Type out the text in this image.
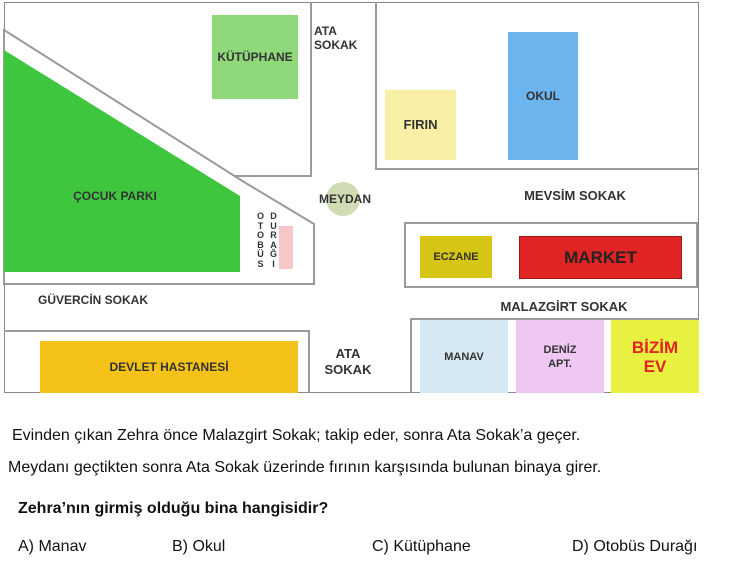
KÜTÜPHANE
ÇOCUK PARKI
FIRIN
OKUL
O
T
O
B
Ü
S
D
U
R
A
Ğ
I
ECZANE	MARKET
MANAV
DENİZ
APT.
BİZİM
EV
DEVLET HASTANESİ
MEYDAN
ATA
SOKAK
ATA
SOKAK
MEVSİM SOKAK
GÜVERCİN SOKAK	MALAZGİRT SOKAK
Evinden çıkan Zehra önce Malazgirt Sokak; takip eder, sonra Ata Sokak’a geçer.
Meydanı geçtikten sonra Ata Sokak üzerinde fırının karşısında bulunan binaya girer.
Zehra’nın girmiş olduğu bina hangisidir?
A) Manav	B) Okul	C) Kütüphane	D) Otobüs Durağı
